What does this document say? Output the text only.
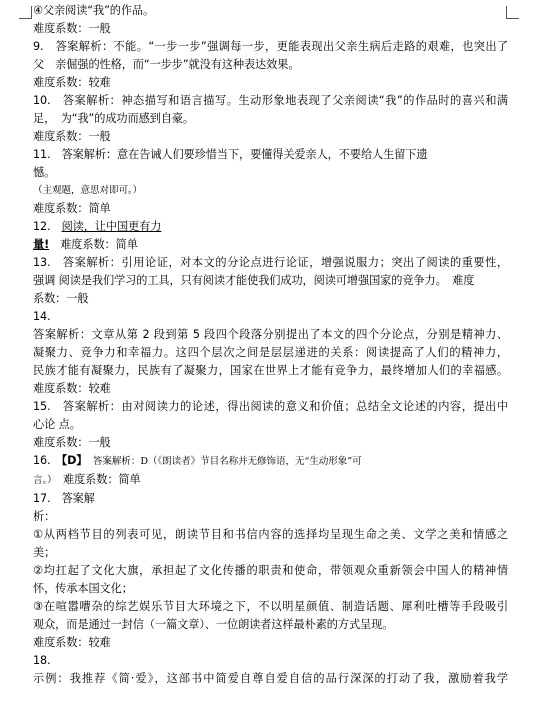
④父亲阅读“我”的作品。
难度系数：一般
9.　答案解析：不能。“一步一步”强调每一步，更能表现出父亲生病后走路的艰难，也突出了
父　亲倔强的性格，而“一步步”就没有这种表达效果。
难度系数：较难
10.　答案解析：神态描写和语言描写。生动形象地表现了父亲阅读“我”的作品时的喜兴和满
足，　为“我”的成功而感到自豪。
难度系数：一般
11.　答案解析：意在告诫人们要珍惜当下，要懂得关爱亲人，不要给人生留下遗
憾。
（主观题，意思对即可。）
难度系数：简单
12.　 阅读，让中国更有力
量!　 难度系数：简单
13.　答案解析：引用论证，对本文的分论点进行论证，增强说服力；突出了阅读的重要性，
强调 阅读是我们学习的工具，只有阅读才能使我们成功，阅读可增强国家的竞争力。　难度
系数：一般
14.
答案解析：文章从第 2 段到第 5 段四个段落分别提出了本文的四个分论点，分别是精神力、
凝聚力、竞争力和幸福力。这四个层次之间是层层递进的关系：阅读提高了人们的精神力，
民族才能有凝聚力，民族有了凝聚力，国家在世界上才能有竞争力，最终增加人们的幸福感。
难度系数：较难
15.　答案解析：由对阅读力的论述，得出阅读的意义和价值；总结全文论述的内容，提出中
心论 点。
难度系数：一般
16.　 【D】　 答案解析：D（《朗读者》节目名称并无修饰语，无“生动形象”可
言。）　 难度系数：简单
17.　答案解
析：
①从两档节目的列表可见，朗读节目和书信内容的选择均呈现生命之美、文学之美和情感之
美；
②均扛起了文化大旗，承担起了文化传播的职责和使命，带领观众重新领会中国人的精神情
怀，传承本国文化；
③在喧嚣嘈杂的综艺娱乐节目大环境之下，不以明星颜值、制造话题、犀利吐槽等手段吸引
观众，而是通过一封信（一篇文章）、一位朗读者这样最朴素的方式呈现。
难度系数：较难
18.
示例：我推荐《简·爱》，这部书中简爱自尊自爱自信的品行深深的打动了我，激励着我学
